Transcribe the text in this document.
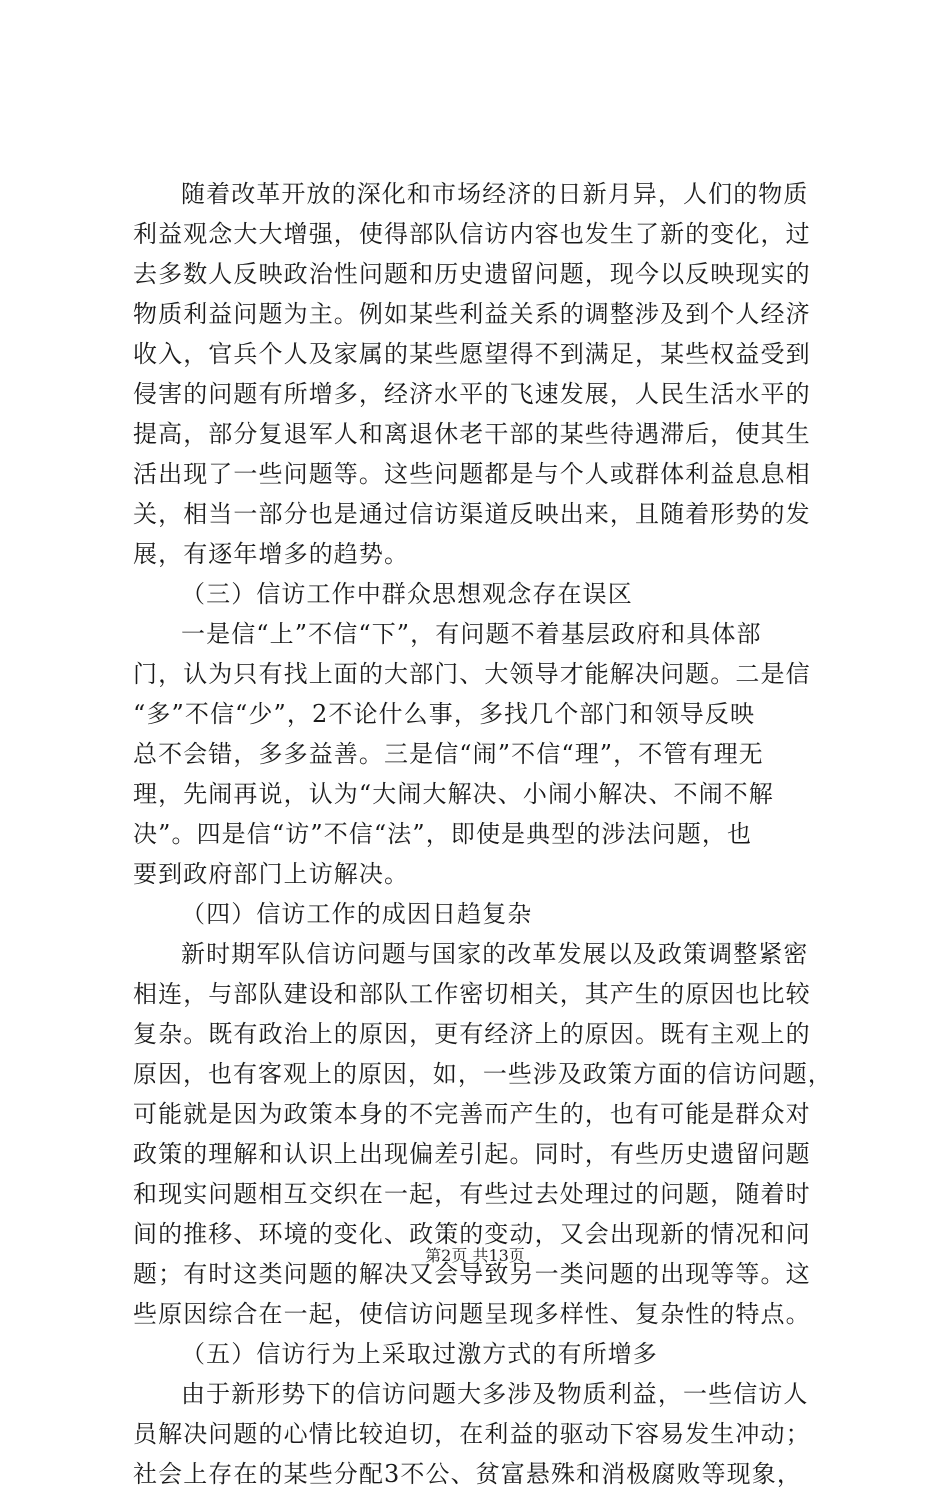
随着改革开放的深化和市场经济的日新月异，人们的物质
利益观念大大增强，使得部队信访内容也发生了新的变化，过
去多数人反映政治性问题和历史遗留问题，现今以反映现实的
物质利益问题为主。例如某些利益关系的调整涉及到个人经济
收入，官兵个人及家属的某些愿望得不到满足，某些权益受到
侵害的问题有所增多，经济水平的飞速发展，人民生活水平的
提高，部分复退军人和离退休老干部的某些待遇滞后，使其生
活出现了一些问题等。这些问题都是与个人或群体利益息息相
关，相当一部分也是通过信访渠道反映出来，且随着形势的发
展，有逐年增多的趋势。
（三）信访工作中群众思想观念存在误区
一是信“上”不信“下”，有问题不着基层政府和具体部
门，认为只有找上面的大部门、大领导才能解决问题。二是信
“多”不信“少”，2不论什么事，多找几个部门和领导反映
总不会错，多多益善。三是信“闹”不信“理”，不管有理无
理，先闹再说，认为“大闹大解决、小闹小解决、不闹不解
决”。四是信“访”不信“法”，即使是典型的涉法问题，也
要到政府部门上访解决。
（四）信访工作的成因日趋复杂
新时期军队信访问题与国家的改革发展以及政策调整紧密
相连，与部队建设和部队工作密切相关，其产生的原因也比较
复杂。既有政治上的原因，更有经济上的原因。既有主观上的
原因，也有客观上的原因，如，一些涉及政策方面的信访问题，
可能就是因为政策本身的不完善而产生的，也有可能是群众对
政策的理解和认识上出现偏差引起。同时，有些历史遗留问题
和现实问题相互交织在一起，有些过去处理过的问题，随着时
间的推移、环境的变化、政策的变动，又会出现新的情况和问
题；有时这类问题的解决又会导致另一类问题的出现等等。这
些原因综合在一起，使信访问题呈现多样性、复杂性的特点。
（五）信访行为上采取过激方式的有所增多
由于新形势下的信访问题大多涉及物质利益，一些信访人
员解决问题的心情比较迫切，在利益的驱动下容易发生冲动；
社会上存在的某些分配3不公、贫富悬殊和消极腐败等现象，
第2页 共13页
